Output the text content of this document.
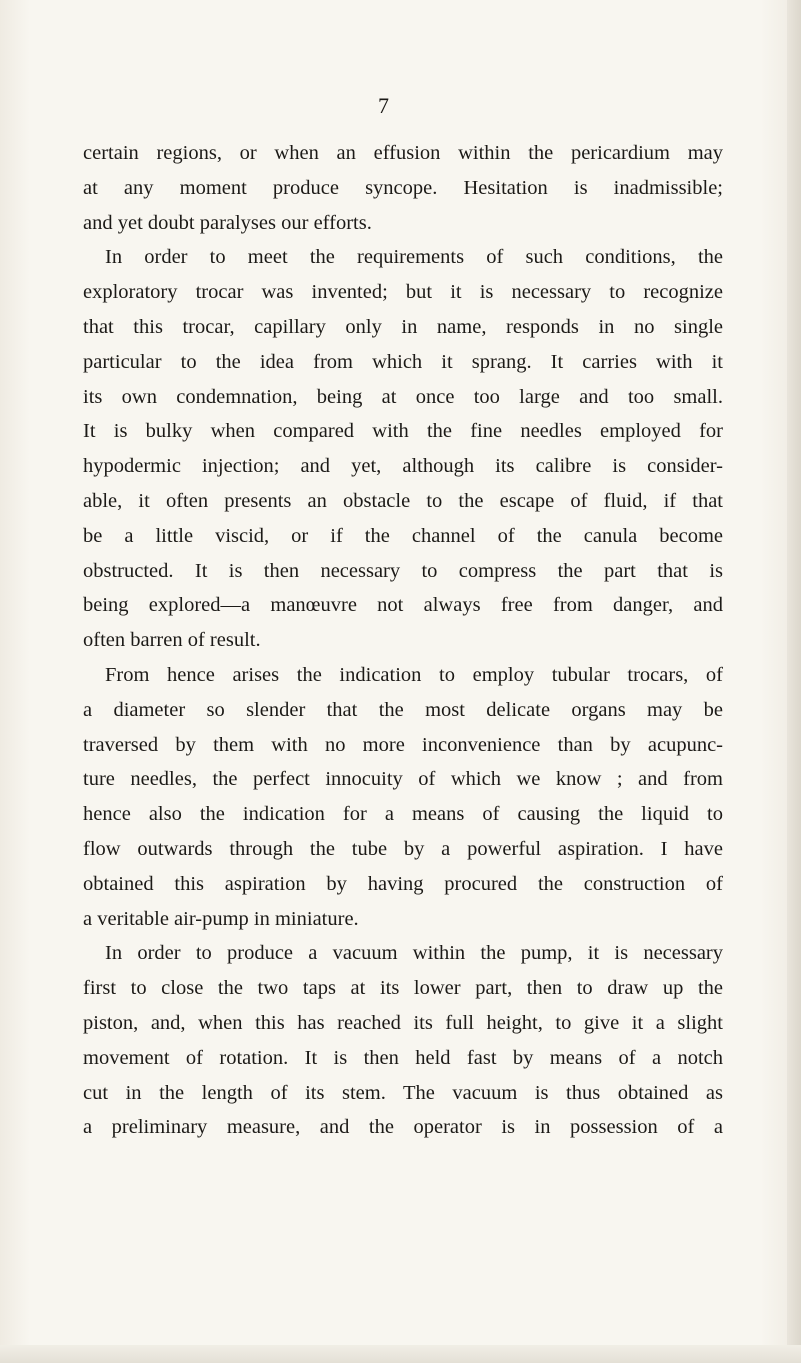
7
certain regions, or when an effusion within the pericardium may
at any moment produce syncope. Hesitation is inadmissible;
and yet doubt paralyses our efforts.
In order to meet the requirements of such conditions, the
exploratory trocar was invented; but it is necessary to recognize
that this trocar, capillary only in name, responds in no single
particular to the idea from which it sprang. It carries with it
its own condemnation, being at once too large and too small.
It is bulky when compared with the fine needles employed for
hypodermic injection; and yet, although its calibre is consider-
able, it often presents an obstacle to the escape of fluid, if that
be a little viscid, or if the channel of the canula become
obstructed. It is then necessary to compress the part that is
being explored—a manœuvre not always free from danger, and
often barren of result.
From hence arises the indication to employ tubular trocars, of
a diameter so slender that the most delicate organs may be
traversed by them with no more inconvenience than by acupunc-
ture needles, the perfect innocuity of which we know ; and from
hence also the indication for a means of causing the liquid to
flow outwards through the tube by a powerful aspiration. I have
obtained this aspiration by having procured the construction of
a veritable air-pump in miniature.
In order to produce a vacuum within the pump, it is necessary
first to close the two taps at its lower part, then to draw up the
piston, and, when this has reached its full height, to give it a slight
movement of rotation. It is then held fast by means of a notch
cut in the length of its stem. The vacuum is thus obtained as
a preliminary measure, and the operator is in possession of a
